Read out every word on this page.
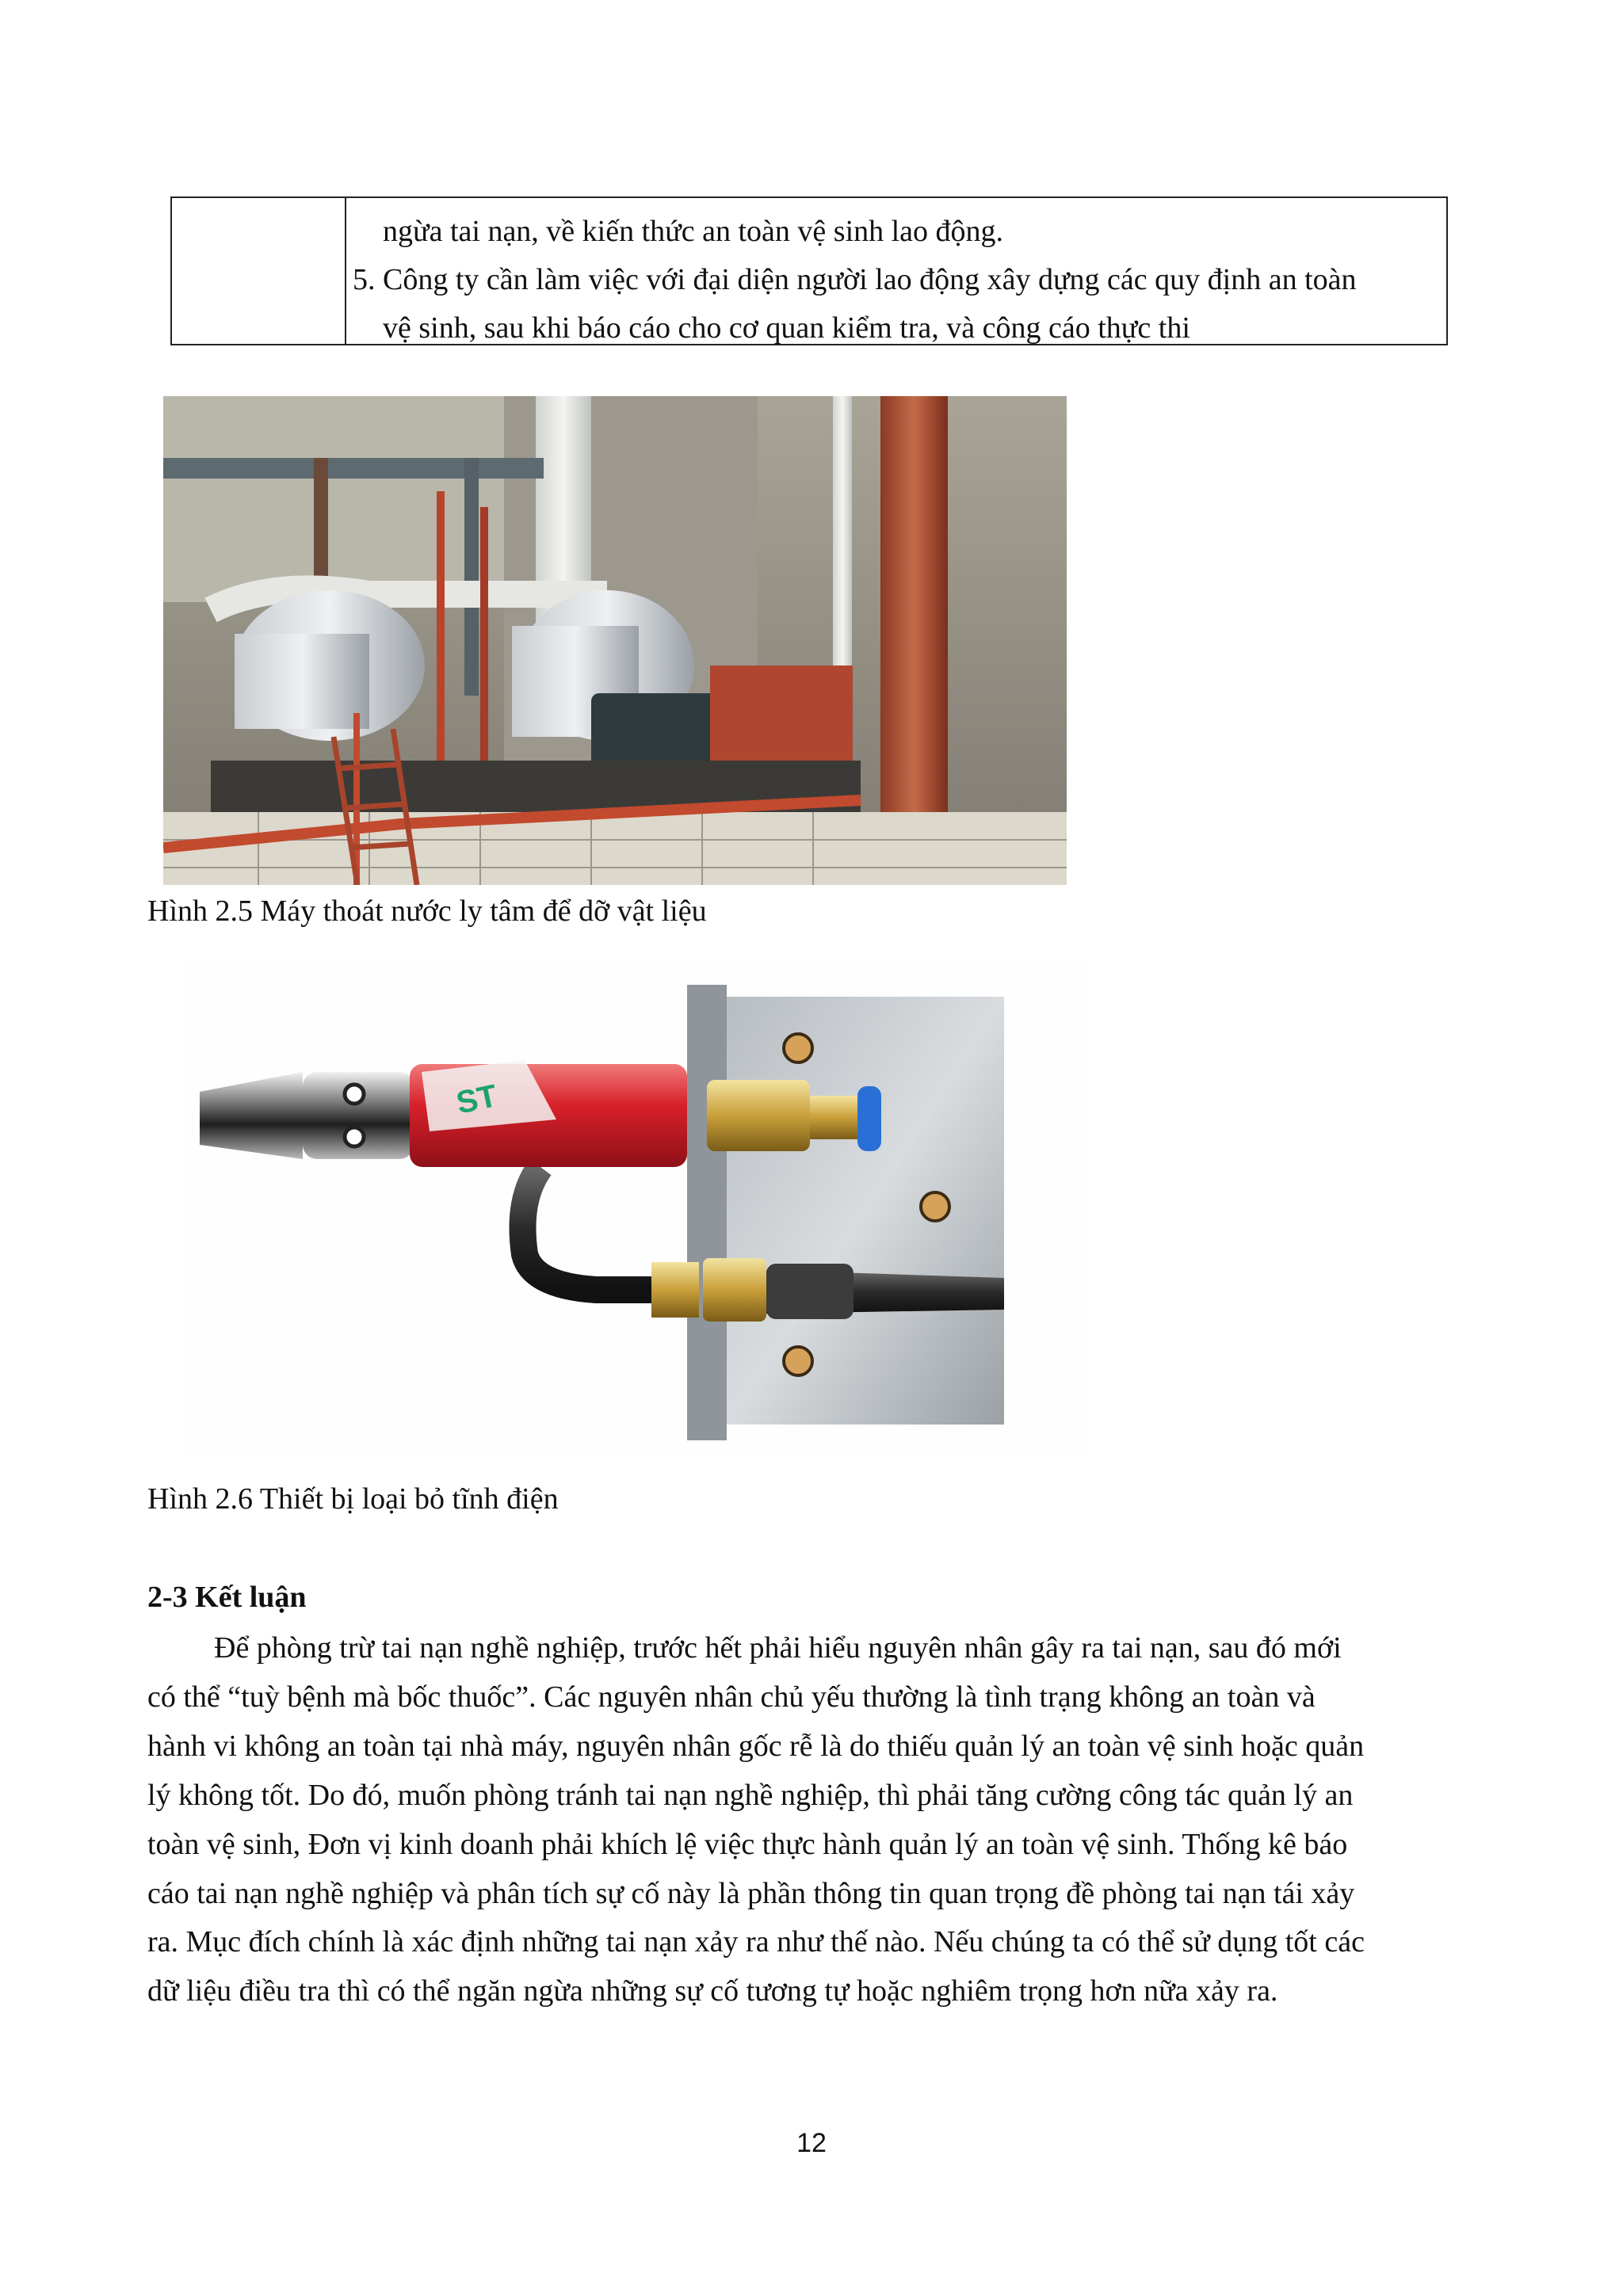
ngừa tai nạn, về kiến thức an toàn vệ sinh lao động.
5. Công ty cần làm việc với đại diện người lao động xây dựng các quy định an toàn
vệ sinh, sau khi báo cáo cho cơ quan kiểm tra, và công cáo thực thi
Hình 2.5 Máy thoát nước ly tâm để dỡ vật liệu
ST
Hình 2.6 Thiết bị loại bỏ tĩnh điện
2-3 Kết luận
Để phòng trừ tai nạn nghề nghiệp, trước hết phải hiểu nguyên nhân gây ra tai nạn, sau đó mới
có thể “tuỳ bệnh mà bốc thuốc”. Các nguyên nhân chủ yếu thường là tình trạng không an toàn và
hành vi không an toàn tại nhà máy, nguyên nhân gốc rễ là do thiếu quản lý an toàn vệ sinh hoặc quản
lý không tốt. Do đó, muốn phòng tránh tai nạn nghề nghiệp, thì phải tăng cường công tác quản lý an
toàn vệ sinh, Đơn vị kinh doanh phải khích lệ việc thực hành quản lý an toàn vệ sinh. Thống kê báo
cáo tai nạn nghề nghiệp và phân tích sự cố này là phần thông tin quan trọng đề phòng tai nạn tái xảy
ra. Mục đích chính là xác định những tai nạn xảy ra như thế nào. Nếu chúng ta có thể sử dụng tốt các
dữ liệu điều tra thì có thể ngăn ngừa những sự cố tương tự hoặc nghiêm trọng hơn nữa xảy ra.
12
